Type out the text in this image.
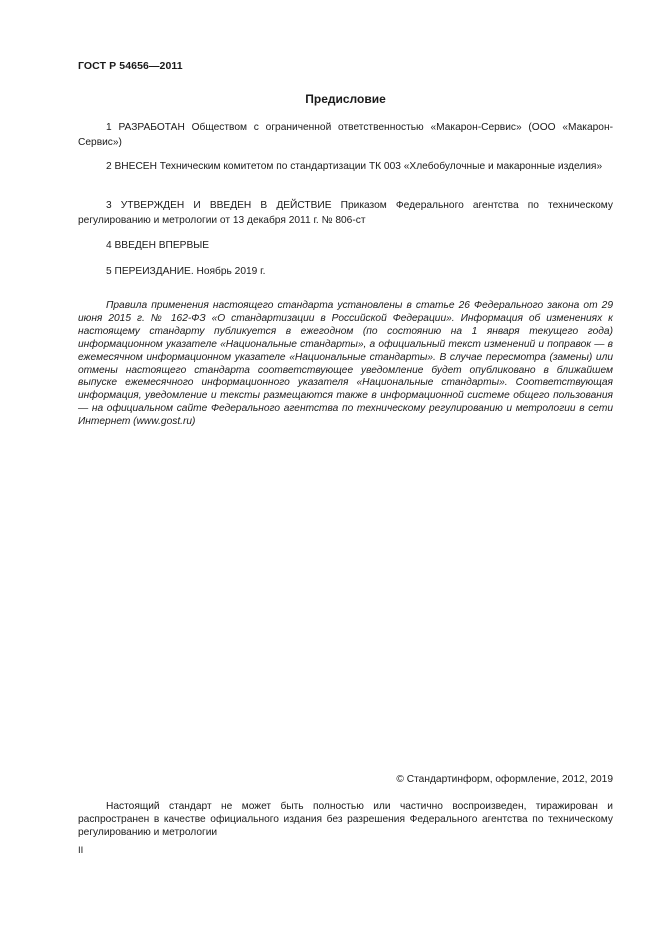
ГОСТ Р 54656—2011
Предисловие

1 РАЗРАБОТАН Обществом с ограниченной ответственностью «Макарон-Сервис» (ООО «Макарон-Сервис»)

2 ВНЕСЕН Техническим комитетом по стандартизации ТК 003 «Хлебобулочные и макаронные изделия»

3 УТВЕРЖДЕН И ВВЕДЕН В ДЕЙСТВИЕ Приказом Федерального агентства по техническому регулированию и метрологии от 13 декабря 2011 г. № 806-ст

4 ВВЕДЕН ВПЕРВЫЕ

5 ПЕРЕИЗДАНИЕ. Ноябрь 2019 г.

Правила применения настоящего стандарта установлены в статье 26 Федерального закона от 29 июня 2015 г. № 162-ФЗ «О стандартизации в Российской Федерации». Информация об изменениях к настоящему стандарту публикуется в ежегодном (по состоянию на 1 января текущего года) информационном указателе «Национальные стандарты», а официальный текст изменений и поправок — в ежемесячном информационном указателе «Национальные стандарты». В случае пересмотра (замены) или отмены настоящего стандарта соответствующее уведомление будет опубликовано в ближайшем выпуске ежемесячного информационного указателя «Национальные стандарты». Соответствующая информация, уведомление и тексты размещаются также в информационной системе общего пользования — на официальном сайте Федерального агентства по техническому регулированию и метрологии в сети Интернет (www.gost.ru)

© Стандартинформ, оформление, 2012, 2019

Настоящий стандарт не может быть полностью или частично воспроизведен, тиражирован и распространен в качестве официального издания без разрешения Федерального агентства по техническому регулированию и метрологии

II
